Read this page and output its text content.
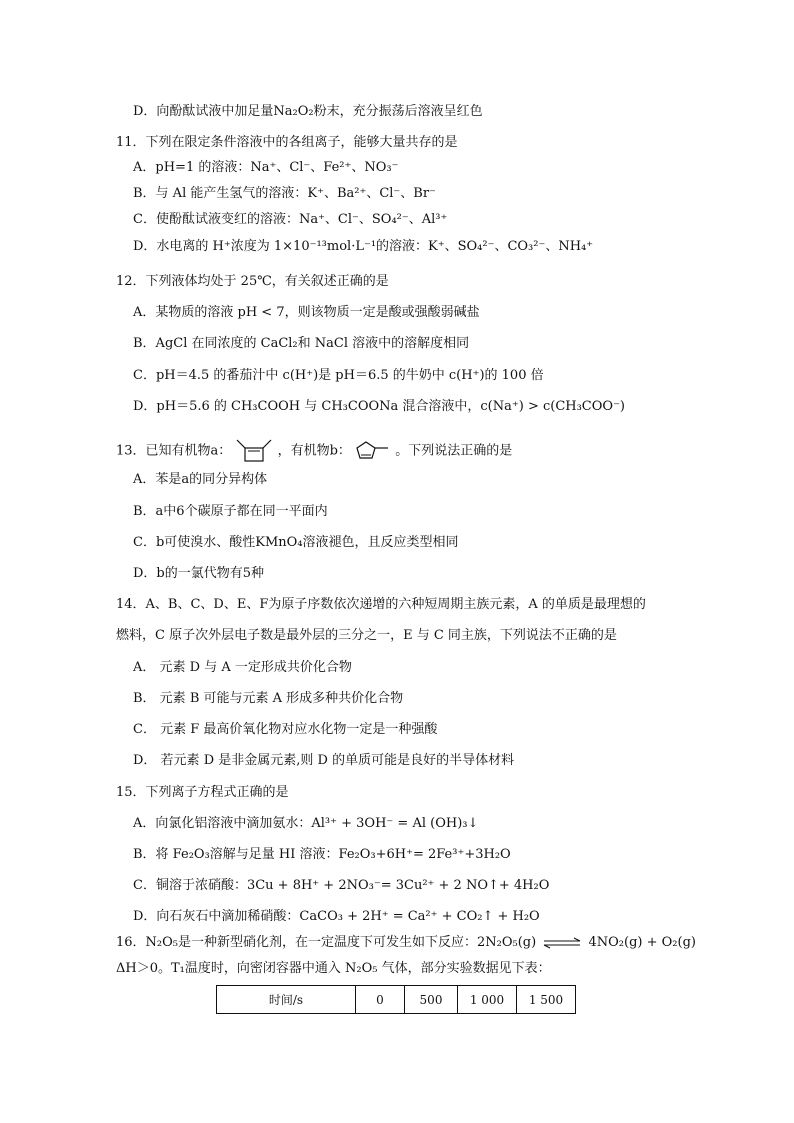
D．向酚酞试液中加足量Na₂O₂粉末，充分振荡后溶液呈红色
11．下列在限定条件溶液中的各组离子，能够大量共存的是
A．pH=1 的溶液：Na⁺、Cl⁻、Fe²⁺、NO₃⁻
B．与 Al 能产生氢气的溶液：K⁺、Ba²⁺、Cl⁻、Br⁻
C．使酚酞试液变红的溶液：Na⁺、Cl⁻、SO₄²⁻、Al³⁺
D．水电离的 H⁺浓度为 1×10⁻¹³mol·L⁻¹的溶液：K⁺、SO₄²⁻、CO₃²⁻、NH₄⁺
12．下列液体均处于 25℃，有关叙述正确的是
A．某物质的溶液 pH < 7，则该物质一定是酸或强酸弱碱盐
B．AgCl 在同浓度的 CaCl₂和 NaCl 溶液中的溶解度相同
C．pH＝4.5 的番茄汁中 c(H⁺)是 pH＝6.5 的牛奶中 c(H⁺)的 100 倍
D．pH＝5.6 的 CH₃COOH 与 CH₃COONa 混合溶液中，c(Na⁺) > c(CH₃COO⁻)
13．已知有机物a：	，有机物b：	。下列说法正确的是
A．苯是a的同分异构体
B．a中6个碳原子都在同一平面内
C．b可使溴水、酸性KMnO₄溶液褪色，且反应类型相同
D．b的一氯代物有5种
14．A、B、C、D、E、F为原子序数依次递增的六种短周期主族元素，A 的单质是最理想的
燃料，C 原子次外层电子数是最外层的三分之一，E 与 C 同主族，下列说法不正确的是
A． 元素 D 与 A 一定形成共价化合物
B． 元素 B 可能与元素 A 形成多种共价化合物
C． 元素 F 最高价氧化物对应水化物一定是一种强酸
D． 若元素 D 是非金属元素,则 D 的单质可能是良好的半导体材料
15．下列离子方程式正确的是
A．向氯化铝溶液中滴加氨水：Al³⁺ + 3OH⁻ = Al (OH)₃↓
B．将 Fe₂O₃溶解与足量 HI 溶液：Fe₂O₃+6H⁺= 2Fe³⁺+3H₂O
C．铜溶于浓硝酸：3Cu + 8H⁺ + 2NO₃⁻= 3Cu²⁺ + 2 NO↑+ 4H₂O
D．向石灰石中滴加稀硝酸：CaCO₃ + 2H⁺ = Ca²⁺ + CO₂↑ + H₂O
16．N₂O₅是一种新型硝化剂，在一定温度下可发生如下反应：2N₂O₅(g) ⇌ 4NO₂(g) + O₂(g)
ΔH＞0。T₁温度时，向密闭容器中通入 N₂O₅ 气体，部分实验数据见下表：
时间/s	0	500	1 000	1 500
